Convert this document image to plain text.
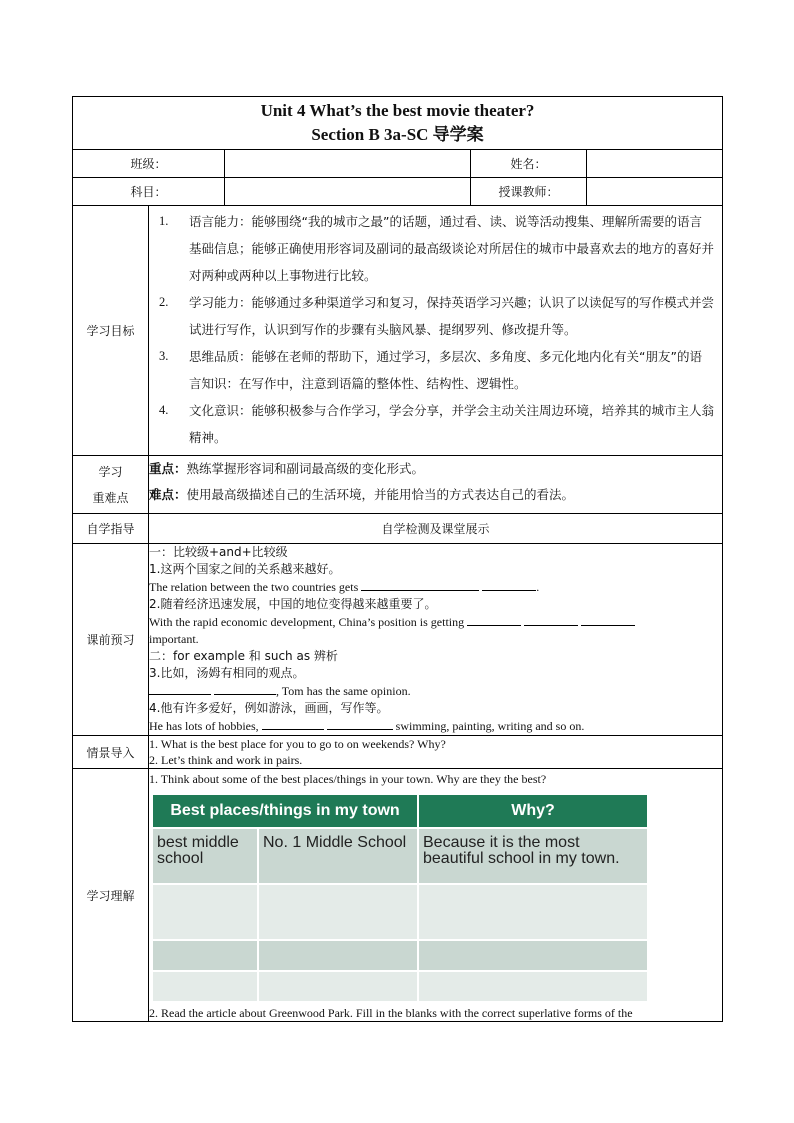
Unit 4 What’s the best movie theater?
Section B 3a-SC 导学案

班级：		姓名：	
科目：		授课教师：	
学习目标	
1.	语言能力：能够围绕“我的城市之最”的话题，通过看、读、说等活动搜集、理解所需要的语言基础信息；能够正确使用形容词及副词的最高级谈论对所居住的城市中最喜欢去的地方的喜好并对两种或两种以上事物进行比较。
2.	学习能力：能够通过多种渠道学习和复习，保持英语学习兴趣；认识了以读促写的写作模式并尝试进行写作，认识到写作的步骤有头脑风暴、提纲罗列、修改提升等。
3.	思维品质：能够在老师的帮助下，通过学习，多层次、多角度、多元化地内化有关“朋友”的语言知识：在写作中，注意到语篇的整体性、结构性、逻辑性。
4.	文化意识：能够积极参与合作学习，学会分享，并学会主动关注周边环境，培养其的城市主人翁精神。

学习
重难点

重点：熟练掌握形容词和副词最高级的变化形式。
难点：使用最高级描述自己的生活环境，并能用恰当的方式表达自己的看法。

自学指导	自学检测及课堂展示
课前预习	
一：比较级+and+比较级
1.这两个国家之间的关系越来越好。
The relation between the two countries gets	.
2.随着经济迅速发展，中国的地位变得越来越重要了。
With the rapid economic development, China’s position is getting
important.
二：for example 和 such as 辨析
3.比如，汤姆有相同的观点。
, Tom has the same opinion.
4.他有许多爱好，例如游泳，画画，写作等。
He has lots of hobbies,	swimming, painting, writing and so on.

情景导入	
1. What is the best place for you to go to on weekends? Why?
2. Let’s think and work in pairs.

学习理解	
1. Think about some of the best places/things in your town. Why are they the best?
Best places/things in my town	Why?
best middle school	No. 1 Middle School	Because it is the most beautiful school in my town.

2. Read the article about Greenwood Park. Fill in the blanks with the correct superlative forms of the
